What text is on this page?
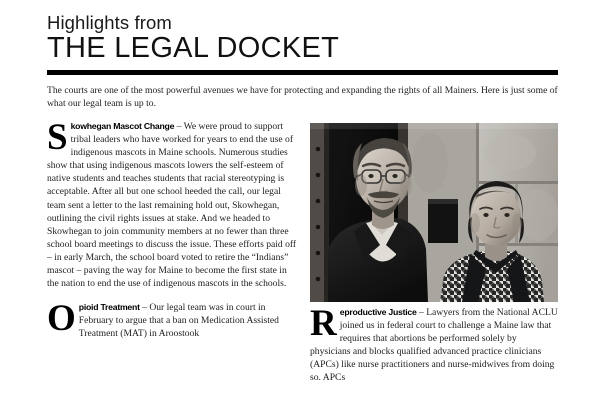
Highlights from
THE LEGAL DOCKET
The courts are one of the most powerful avenues we have for protecting and expanding the rights of all Mainers. Here is just some of what our legal team is up to.
Skowhegan Mascot Change – We were proud to support tribal leaders who have worked for years to end the use of indigenous mascots in Maine schools. Numerous studies show that using indigenous mascots lowers the self-esteem of native students and teaches students that racial stereotyping is acceptable. After all but one school heeded the call, our legal team sent a letter to the last remaining hold out, Skowhegan, outlining the civil rights issues at stake. And we headed to Skowhegan to join community members at no fewer than three school board meetings to discuss the issue. These efforts paid off – in early March, the school board voted to retire the “Indians” mascot – paving the way for Maine to become the first state in the nation to end the use of indigenous mascots in the schools.
Opioid Treatment – Our legal team was in court in February to argue that a ban on Medication Assisted Treatment (MAT) in Aroostook	Reproductive Justice – Lawyers from the National ACLU joined us in federal court to challenge a Maine law that requires that abortions be performed solely by physicians and blocks qualified advanced practice clinicians (APCs) like nurse practitioners and nurse-midwives from doing so. APCs
